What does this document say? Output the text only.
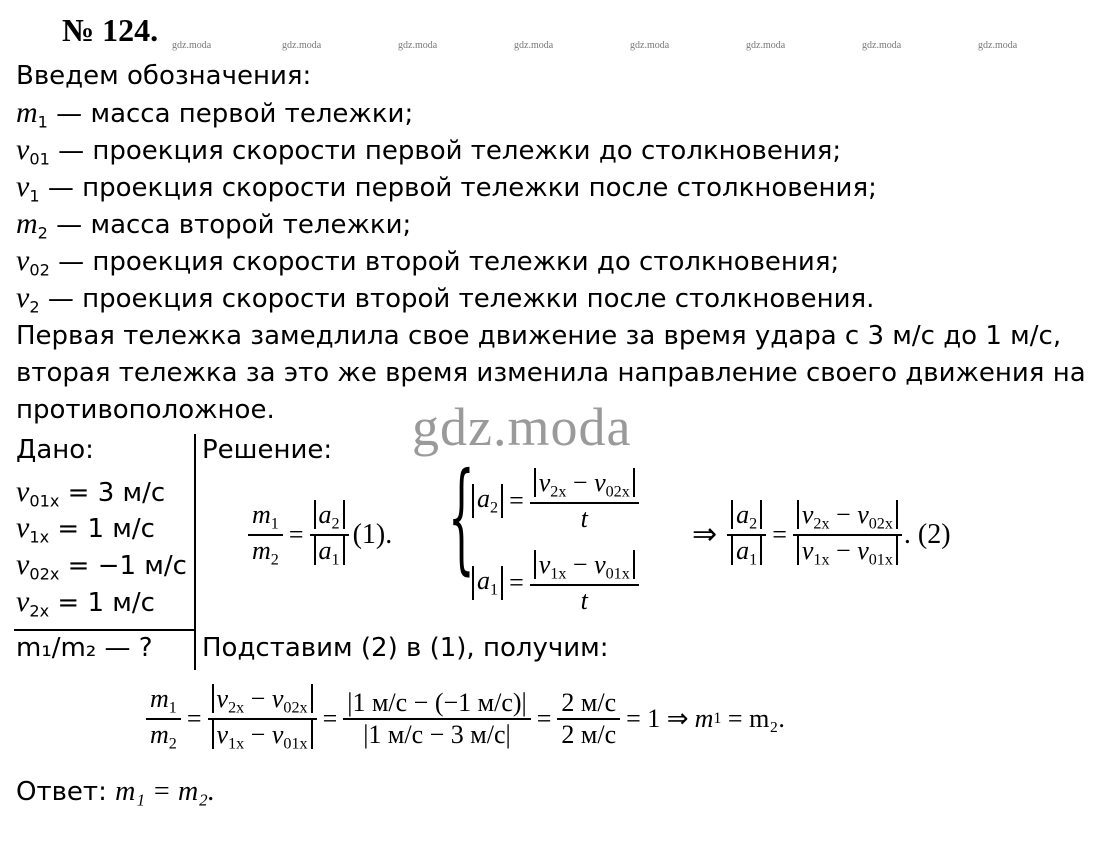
№ 124. gdz.moda	gdz.moda	gdz.moda	gdz.moda	gdz.moda	gdz.moda	gdz.moda	gdz.moda
Введем обозначения:
$m_1$ — масса первой тележки;
$v_{01}$ — проекция скорости первой тележки до столкновения;
$v_1$ — проекция скорости первой тележки после столкновения;
$m_2$ — масса второй тележки;
$v_{02}$ — проекция скорости второй тележки до столкновения;
$v_2$ — проекция скорости второй тележки после столкновения.
Первая тележка замедлила свое движение за время удара с 3 м/с до 1 м/с,
вторая тележка за это же время изменила направление своего движения на
противоположное.	gdz.moda
Дано:
$v_{01x} = 3$ м/с
$v_{1x} = 1$ м/с
$v_{02x} = -1$ м/с
$v_{2x} = 1$ м/с
m₁/m₂ — ?
Решение:
$\frac{m_1}{m_2} = \frac{a_2}{a_1} (1)$. { $a_2 = \frac{v_{2x} - v_{02x}}{t}$
$a_1 = \frac{v_{1x} - v_{01x}}{t}$
⇒ $\frac{a_2}{a_1} = \frac{v_{2x} - v_{02x}}{v_{1x} - v_{01x}}$ . (2)
Подставим (2) в (1), получим:
$\frac{m_1}{m_2} = \frac{v_{2x} - v_{02x}}{v_{1x} - v_{01x}} = \frac{|1 м/с - (-1 м/с)|}{|1 м/с - 3 м/с|} = \frac{2 м/с}{2 м/с} = 1$ ⇒ m 1
= m₂.
Ответ: m₁ = m₂.
